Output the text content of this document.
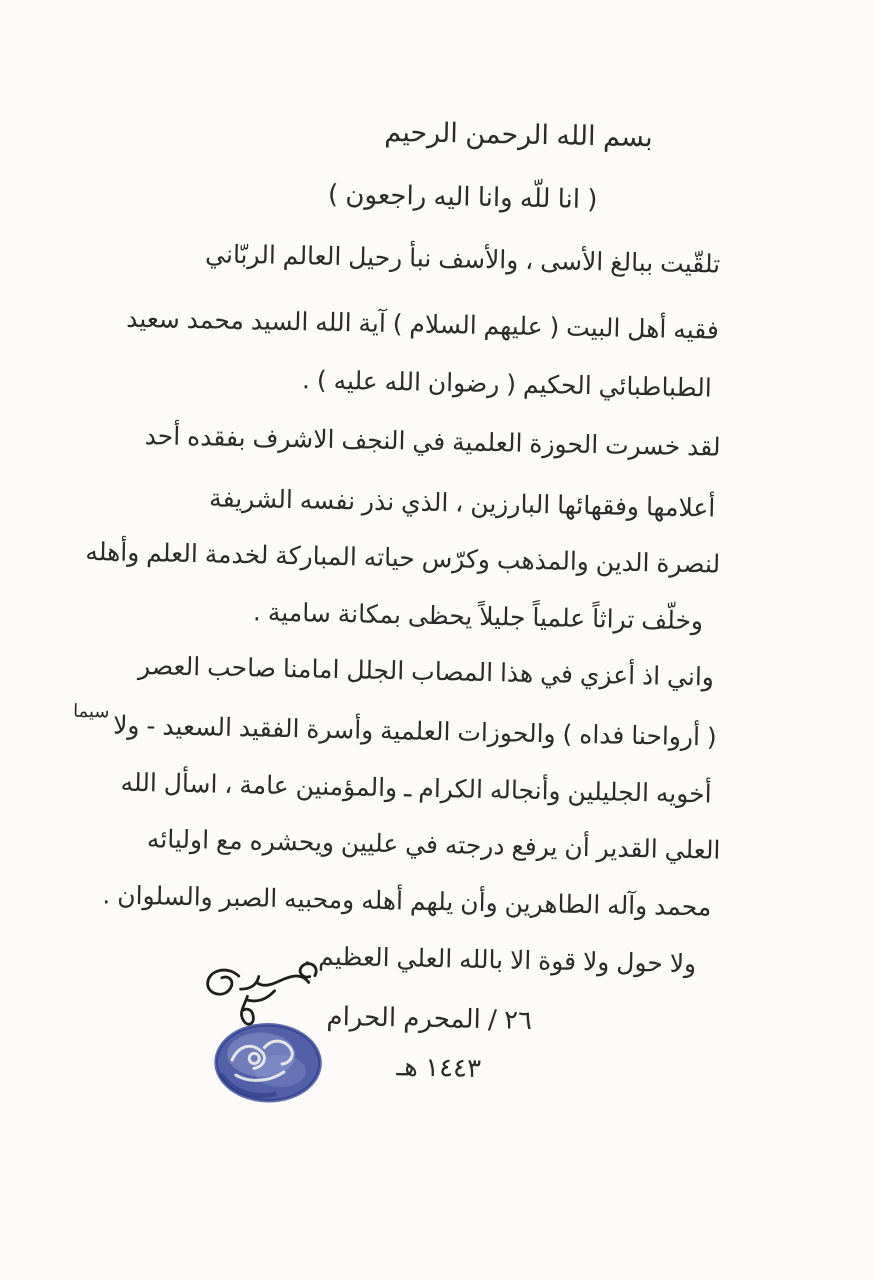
بسم الله الرحمن الرحيم
( انا للّه وانا اليه راجعون )
تلقّيت ببالغ الأسى ، والأسف نبأ رحيل العالم الربّاني
فقيه أهل البيت ( عليهم السلام ) آية الله السيد محمد سعيد
الطباطبائي الحكيم ( رضوان الله عليه ) .
لقد خسرت الحوزة العلمية في النجف الاشرف بفقده أحد
أعلامها وفقهائها البارزين ، الذي نذر نفسه الشريفة
لنصرة الدين والمذهب وكرّس حياته المباركة لخدمة العلم وأهله
وخلّف تراثاً علمياً جليلاً يحظى بمكانة سامية .
واني اذ أعزي في هذا المصاب الجلل امامنا صاحب العصر
( أرواحنا فداه ) والحوزات العلمية وأسرة الفقيد السعيد - ولاسيما
أخويه الجليلين وأنجاله الكرام ـ والمؤمنين عامة ، اسأل الله
العلي القدير أن يرفع درجته في عليين ويحشره مع اوليائه
محمد وآله الطاهرين وأن يلهم أهله ومحبيه الصبر والسلوان .
ولا حول ولا قوة الا بالله العلي العظيم .
٢٦ / المحرم الحرام
١٤٤٣ هـ
